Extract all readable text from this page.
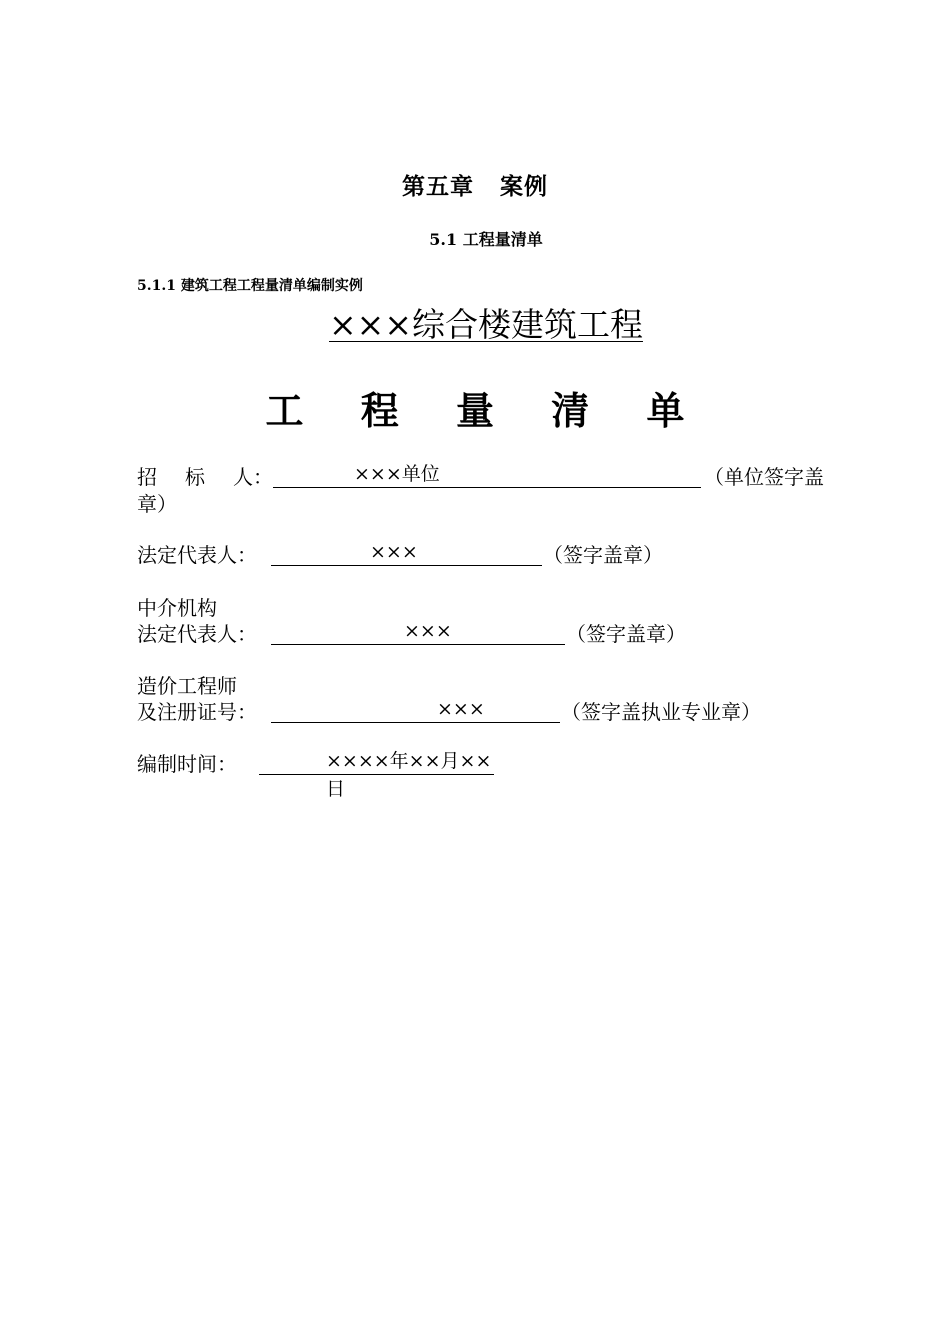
第五章 案例
5.1 工程量清单
5.1.1 建筑工程工程量清单编制实例
×××综合楼建筑工程
工 程 量 清 单
招 标 人：	×××单位	（单位签字盖
章）
法定代表人：	×××	（签字盖章）
中介机构
法定代表人：	×××	（签字盖章）
造价工程师
及注册证号：	×××	（签字盖执业专业章）
编制时间：	××××年××月××日
